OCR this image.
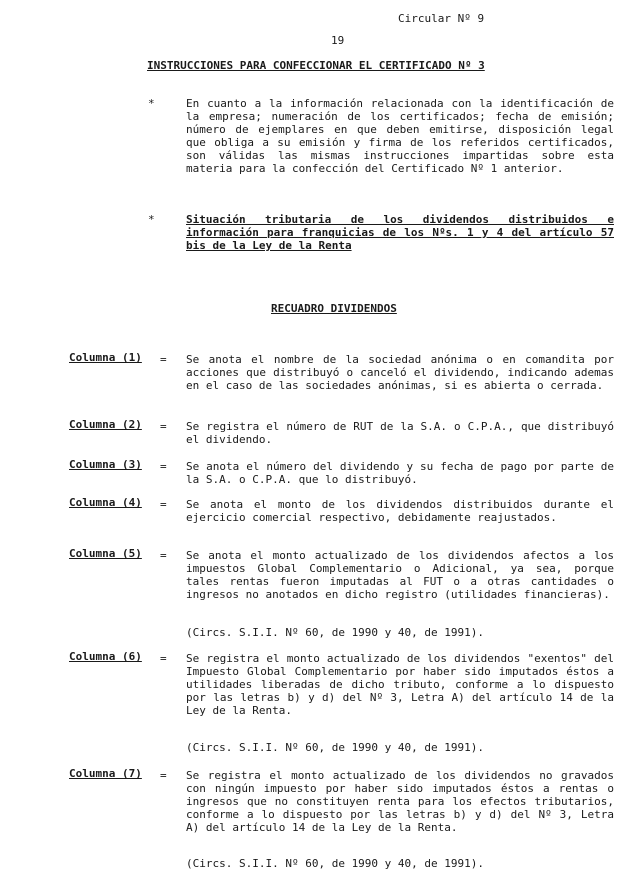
Circular Nº 9
19
INSTRUCCIONES PARA CONFECCIONAR EL CERTIFICADO Nº 3
*	En cuanto a la información relacionada con la identificación de la empresa; numeración de los certificados; fecha de emisión; número de ejemplares en que deben emitirse, disposición legal que obliga a su emisión y firma de los referidos certificados, son válidas las mismas instrucciones impartidas sobre esta materia para la confección del Certificado Nº 1 anterior.
*	Situación tributaria de los dividendos distribuidos e información para franquicias de los Nºs. 1 y 4 del artículo 57 bis de la Ley de la Renta
RECUADRO DIVIDENDOS
Columna (1) = Se anota el nombre de la sociedad anónima o en comandita por acciones que distribuyó o canceló el dividendo, indicando ademas en el caso de las sociedades anónimas, si es abierta o cerrada.
Columna (2) = Se registra el número de RUT de la S.A. o C.P.A., que distribuyó el dividendo.
Columna (3) = Se anota el número del dividendo y su fecha de pago por parte de la S.A. o C.P.A. que lo distribuyó.
Columna (4) = Se anota el monto de los dividendos distribuidos durante el ejercicio comercial respectivo, debidamente reajustados.
Columna (5) = Se anota el monto actualizado de los dividendos afectos a los impuestos Global Complementario o Adicional, ya sea, porque tales rentas fueron imputadas al FUT o a otras cantidades o ingresos no anotados en dicho registro (utilidades financieras).
(Circs. S.I.I. Nº 60, de 1990 y 40, de 1991).
Columna (6) = Se registra el monto actualizado de los dividendos "exentos" del Impuesto Global Complementario por haber sido imputados éstos a utilidades liberadas de dicho tributo, conforme a lo dispuesto por las letras b) y d) del Nº 3, Letra A) del artículo 14 de la Ley de la Renta.
(Circs. S.I.I. Nº 60, de 1990 y 40, de 1991).
Columna (7) = Se registra el monto actualizado de los dividendos no gravados con ningún impuesto por haber sido imputados éstos a rentas o ingresos que no constituyen renta para los efectos tributarios, conforme a lo dispuesto por las letras b) y d) del Nº 3, Letra A) del artículo 14 de la Ley de la Renta.
(Circs. S.I.I. Nº 60, de 1990 y 40, de 1991).
